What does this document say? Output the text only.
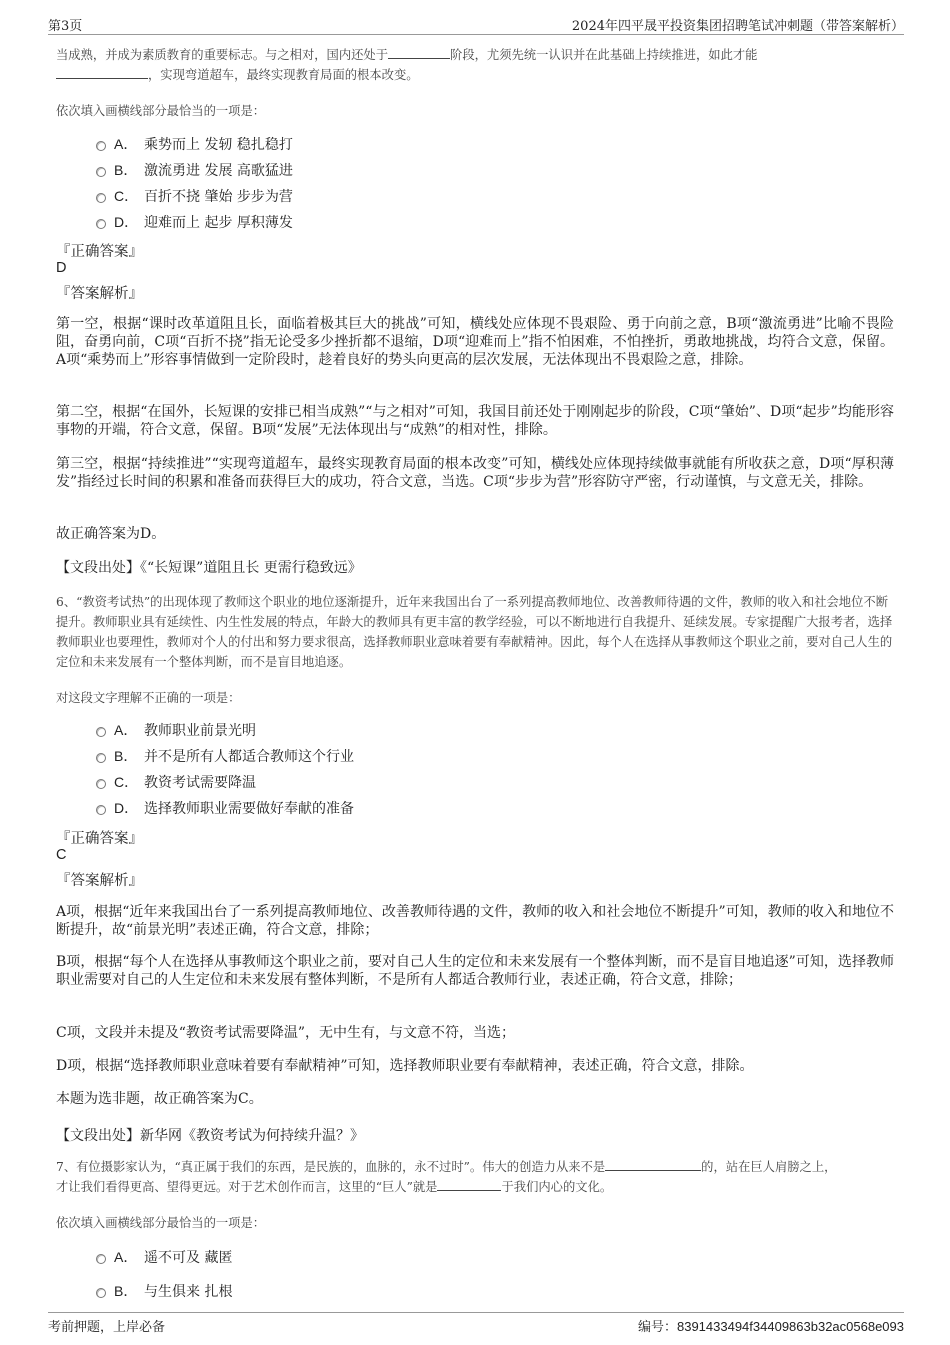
第3页	2024年四平晟平投资集团招聘笔试冲刺题（带答案解析）
当成熟，并成为素质教育的重要标志。与之相对，国内还处于	阶段，尤须先统一认识并在此基础上持续推进，如此才能
，实现弯道超车，最终实现教育局面的根本改变。
依次填入画横线部分最恰当的一项是：
A． 乘势而上 发轫 稳扎稳打
B． 激流勇进 发展 高歌猛进
C． 百折不挠 肇始 步步为营
D． 迎难而上 起步 厚积薄发
『正确答案』
D
『答案解析』
第一空，根据“课时改革道阻且长，面临着极其巨大的挑战”可知，横线处应体现不畏艰险、勇于向前之意，B项“激流勇进”比喻不畏险阻，奋勇向前，C项“百折不挠”指无论受多少挫折都不退缩，D项“迎难而上”指不怕困难，不怕挫折，勇敢地挑战，均符合文意，保留。A项“乘势而上”形容事情做到一定阶段时，趁着良好的势头向更高的层次发展，无法体现出不畏艰险之意，排除。
第二空，根据“在国外，长短课的安排已相当成熟”“与之相对”可知，我国目前还处于刚刚起步的阶段，C项“肇始”、D项“起步”均能形容事物的开端，符合文意，保留。B项“发展”无法体现出与“成熟”的相对性，排除。
第三空，根据“持续推进”“实现弯道超车，最终实现教育局面的根本改变”可知，横线处应体现持续做事就能有所收获之意，D项“厚积薄发”指经过长时间的积累和准备而获得巨大的成功，符合文意，当选。C项“步步为营”形容防守严密，行动谨慎，与文意无关，排除。
故正确答案为D。
【文段出处】《“长短课”道阻且长 更需行稳致远》
6、“教资考试热”的出现体现了教师这个职业的地位逐渐提升，近年来我国出台了一系列提高教师地位、改善教师待遇的文件，教师的收入和社会地位不断提升。教师职业具有延续性、内生性发展的特点，年龄大的教师具有更丰富的教学经验，可以不断地进行自我提升、延续发展。专家提醒广大报考者，选择教师职业也要理性，教师对个人的付出和努力要求很高，选择教师职业意味着要有奉献精神。因此，每个人在选择从事教师这个职业之前，要对自己人生的定位和未来发展有一个整体判断，而不是盲目地追逐。
对这段文字理解不正确的一项是：
A． 教师职业前景光明
B． 并不是所有人都适合教师这个行业
C． 教资考试需要降温
D． 选择教师职业需要做好奉献的准备
『正确答案』
C
『答案解析』
A项，根据“近年来我国出台了一系列提高教师地位、改善教师待遇的文件，教师的收入和社会地位不断提升”可知，教师的收入和地位不断提升，故“前景光明”表述正确，符合文意，排除；
B项，根据“每个人在选择从事教师这个职业之前，要对自己人生的定位和未来发展有一个整体判断，而不是盲目地追逐”可知，选择教师职业需要对自己的人生定位和未来发展有整体判断，不是所有人都适合教师行业，表述正确，符合文意，排除；
C项，文段并未提及“教资考试需要降温”，无中生有，与文意不符，当选；
D项，根据“选择教师职业意味着要有奉献精神”可知，选择教师职业要有奉献精神，表述正确，符合文意，排除。
本题为选非题，故正确答案为C。
【文段出处】新华网《教资考试为何持续升温？》
7、有位摄影家认为，“真正属于我们的东西，是民族的，血脉的，永不过时”。伟大的创造力从来不是	的，站在巨人肩膀之上，
才让我们看得更高、望得更远。对于艺术创作而言，这里的“巨人”就是	于我们内心的文化。
依次填入画横线部分最恰当的一项是：
A． 遥不可及 藏匿
B． 与生俱来 扎根
考前押题，上岸必备	编号：8391433494f34409863b32ac0568e093
